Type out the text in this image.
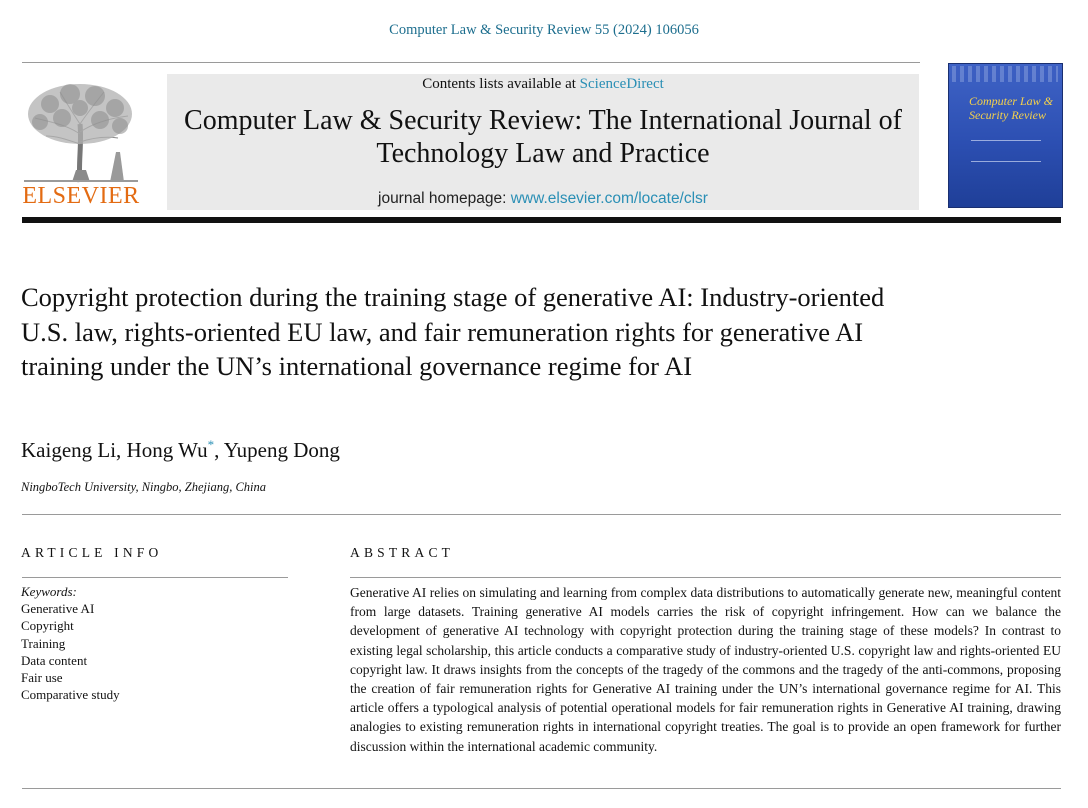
Computer Law & Security Review 55 (2024) 106056
ELSEVIER
Contents lists available at ScienceDirect
Computer Law & Security Review: The International Journal of Technology Law and Practice
journal homepage: www.elsevier.com/locate/clsr
Computer Law & Security Review
Copyright protection during the training stage of generative AI: Industry-oriented U.S. law, rights-oriented EU law, and fair remuneration rights for generative AI training under the UN’s international governance regime for AI
Kaigeng Li, Hong Wu*, Yupeng Dong
NingboTech University, Ningbo, Zhejiang, China
ARTICLE INFO
Keywords:
Generative AI
Copyright
Training
Data content
Fair use
Comparative study
ABSTRACT
Generative AI relies on simulating and learning from complex data distributions to automatically generate new, meaningful content from large datasets. Training generative AI models carries the risk of copyright infringement. How can we balance the development of generative AI technology with copyright protection during the training stage of these models? In contrast to existing legal scholarship, this article conducts a comparative study of industry-oriented U.S. copyright law and rights-oriented EU copyright law. It draws insights from the concepts of the tragedy of the commons and the tragedy of the anti-commons, proposing the creation of fair remuneration rights for Generative AI training under the UN’s international governance regime for AI. This article offers a typological analysis of potential operational models for fair remuneration rights in Generative AI training, drawing analogies to existing remuneration rights in international copyright treaties. The goal is to provide an open framework for further discussion within the international academic community.
